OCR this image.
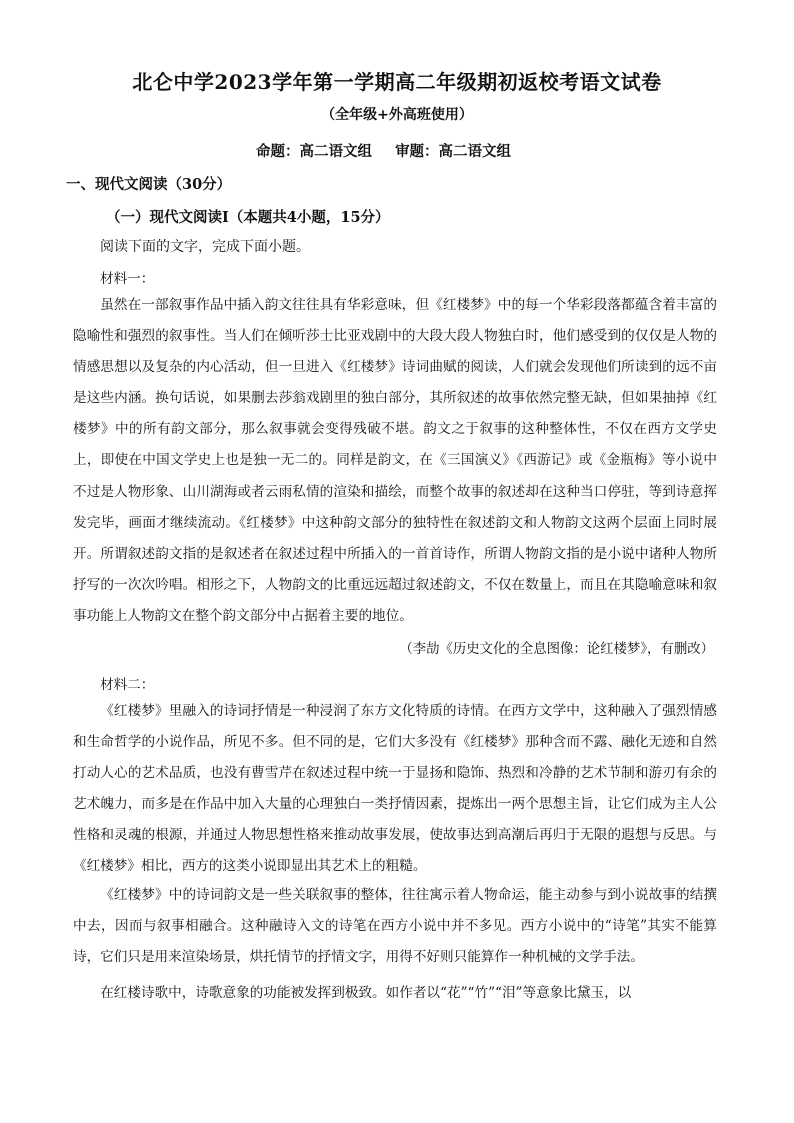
北仑中学2023学年第一学期高二年级期初返校考语文试卷
（全年级+外高班使用）
命题：高二语文组 审题：高二语文组
一、现代文阅读（30分）
（一）现代文阅读Ⅰ（本题共4小题，15分）
阅读下面的文字，完成下面小题。
材料一：

虽然在一部叙事作品中插入韵文往往具有华彩意味，但《红楼梦》中的每一个华彩段落都蕴含着丰富的隐喻性和强烈的叙事性。当人们在倾听莎士比亚戏剧中的大段大段人物独白时，他们感受到的仅仅是人物的情感思想以及复杂的内心活动，但一旦进入《红楼梦》诗词曲赋的阅读，人们就会发现他们所读到的远不亩是这些内涵。换句话说，如果删去莎翁戏剧里的独白部分，其所叙述的故事依然完整无缺，但如果抽掉《红楼梦》中的所有韵文部分，那么叙事就会变得残破不堪。韵文之于叙事的这种整体性，不仅在西方文学史上，即使在中国文学史上也是独一无二的。同样是韵文，在《三国演义》《西游记》或《金瓶梅》等小说中不过是人物形象、山川湖海或者云雨私情的渲染和描绘，而整个故事的叙述却在这种当口停驻，等到诗意挥发完毕，画面才继续流动。《红楼梦》中这种韵文部分的独特性在叙述韵文和人物韵文这两个层面上同时展开。所谓叙述韵文指的是叙述者在叙述过程中所插入的一首首诗作，所谓人物韵文指的是小说中诸种人物所抒写的一次次吟唱。相形之下，人物韵文的比重远远超过叙述韵文，不仅在数量上，而且在其隐喻意味和叙事功能上人物韵文在整个韵文部分中占据着主要的地位。

（李劼《历史文化的全息图像：论红楼梦》，有删改）
材料二：

《红楼梦》里融入的诗词抒情是一种浸润了东方文化特质的诗情。在西方文学中，这种融入了强烈情感和生命哲学的小说作品，所见不多。但不同的是，它们大多没有《红楼梦》那种含而不露、融化无迹和自然打动人心的艺术品质，也没有曹雪芹在叙述过程中统一于显扬和隐饰、热烈和冷静的艺术节制和游刃有余的艺术魄力，而多是在作品中加入大量的心理独白一类抒情因素，提炼出一两个思想主旨，让它们成为主人公性格和灵魂的根源，并通过人物思想性格来推动故事发展，使故事达到高潮后再归于无限的遐想与反思。与《红楼梦》相比，西方的这类小说即显出其艺术上的粗糙。

《红楼梦》中的诗词韵文是一些关联叙事的整体，往往寓示着人物命运，能主动参与到小说故事的结撰中去，因而与叙事相融合。这种融诗入文的诗笔在西方小说中并不多见。西方小说中的“诗笔”其实不能算诗，它们只是用来渲染场景，烘托情节的抒情文字，用得不好则只能算作一种机械的文学手法。

在红楼诗歌中，诗歌意象的功能被发挥到极致。如作者以“花”“竹”“泪”等意象比黛玉，以
